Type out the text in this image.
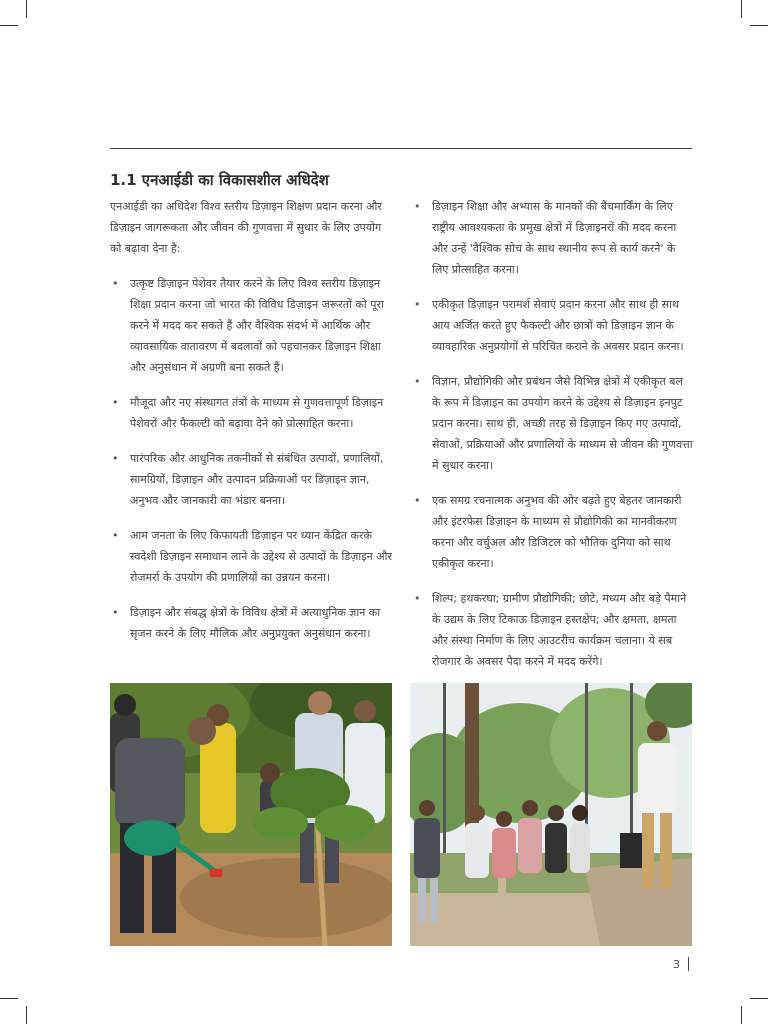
1.1 एनआईडी का विकासशील अधिदेश

एनआईडी का अधिदेश विश्व स्तरीय डिज़ाइन शिक्षण प्रदान करना और डिज़ाइन जागरूकता और जीवन की गुणवत्ता में सुधार के लिए उपयोग को बढ़ावा देना है:

• उत्कृष्ट डिज़ाइन पेशेवर तैयार करने के लिए विश्व स्तरीय डिज़ाइन शिक्षा प्रदान करना जो भारत की विविध डिज़ाइन जरूरतों को पूरा करने में मदद कर सकते हैं और वैश्विक संदर्भ में आर्थिक और व्यावसायिक वातावरण में बदलावों को पहचानकर डिज़ाइन शिक्षा और अनुसंधान में अग्रणी बना सकते हैं।
• मौजूदा और नए संस्थागत तंत्रों के माध्यम से गुणवत्तापूर्ण डिज़ाइन पेशेवरों और फैकल्टी को बढ़ावा देने को प्रोत्साहित करना।
• पारंपरिक और आधुनिक तकनीकों से संबंधित उत्पादों, प्रणालियों, सामग्रियों, डिज़ाइन और उत्पादन प्रक्रियाओं पर डिज़ाइन ज्ञान, अनुभव और जानकारी का भंडार बनना।
• आम जनता के लिए किफायती डिज़ाइन पर ध्यान केंद्रित करके स्वदेशी डिज़ाइन समाधान लाने के उद्देश्य से उत्पादों के डिज़ाइन और रोजमर्रा के उपयोग की प्रणालियों का उन्नयन करना।
• डिज़ाइन और संबद्ध क्षेत्रों के विविध क्षेत्रों में अत्याधुनिक ज्ञान का सृजन करने के लिए मौलिक और अनुप्रयुक्त अनुसंधान करना।
• डिज़ाइन शिक्षा और अभ्यास के मानकों की बैंचमार्किंग के लिए राष्ट्रीय आवश्यकता के प्रमुख क्षेत्रों में डिज़ाइनरों की मदद करना और उन्हें 'वैश्विक सोच के साथ स्थानीय रूप से कार्य करने' के लिए प्रोत्साहित करना।
• एकीकृत डिज़ाइन परामर्श सेवाएं प्रदान करना और साथ ही साथ आय अर्जित करते हुए फैकल्टी और छात्रों को डिज़ाइन ज्ञान के व्यावहारिक अनुप्रयोगों से परिचित कराने के अवसर प्रदान करना।
• विज्ञान, प्रौद्योगिकी और प्रबंधन जैसे विभिन्न क्षेत्रों में एकीकृत बल के रूप में डिज़ाइन का उपयोग करने के उद्देश्य से डिज़ाइन इनपुट प्रदान करना। साथ ही, अच्छी तरह से डिज़ाइन किए गए उत्पादों, सेवाओं, प्रक्रियाओं और प्रणालियों के माध्यम से जीवन की गुणवत्ता में सुधार करना।
• एक समग्र रचनात्मक अनुभव की ओर बढ़ते हुए बेहतर जानकारी और इंटरफेस डिज़ाइन के माध्यम से प्रौद्योगिकी का मानवीकरण करना और वर्चुअल और डिजिटल को भौतिक दुनिया को साथ एकीकृत करना।
• शिल्प; हथकरघा; ग्रामीण प्रौद्योगिकी; छोटे, मध्यम और बड़े पैमाने के उद्यम के लिए टिकाऊ डिज़ाइन हस्तक्षेप; और क्षमता, क्षमता और संस्था निर्माण के लिए आउटरीच कार्यक्रम चलाना। ये सब रोजगार के अवसर पैदा करने में मदद करेंगे।
3
